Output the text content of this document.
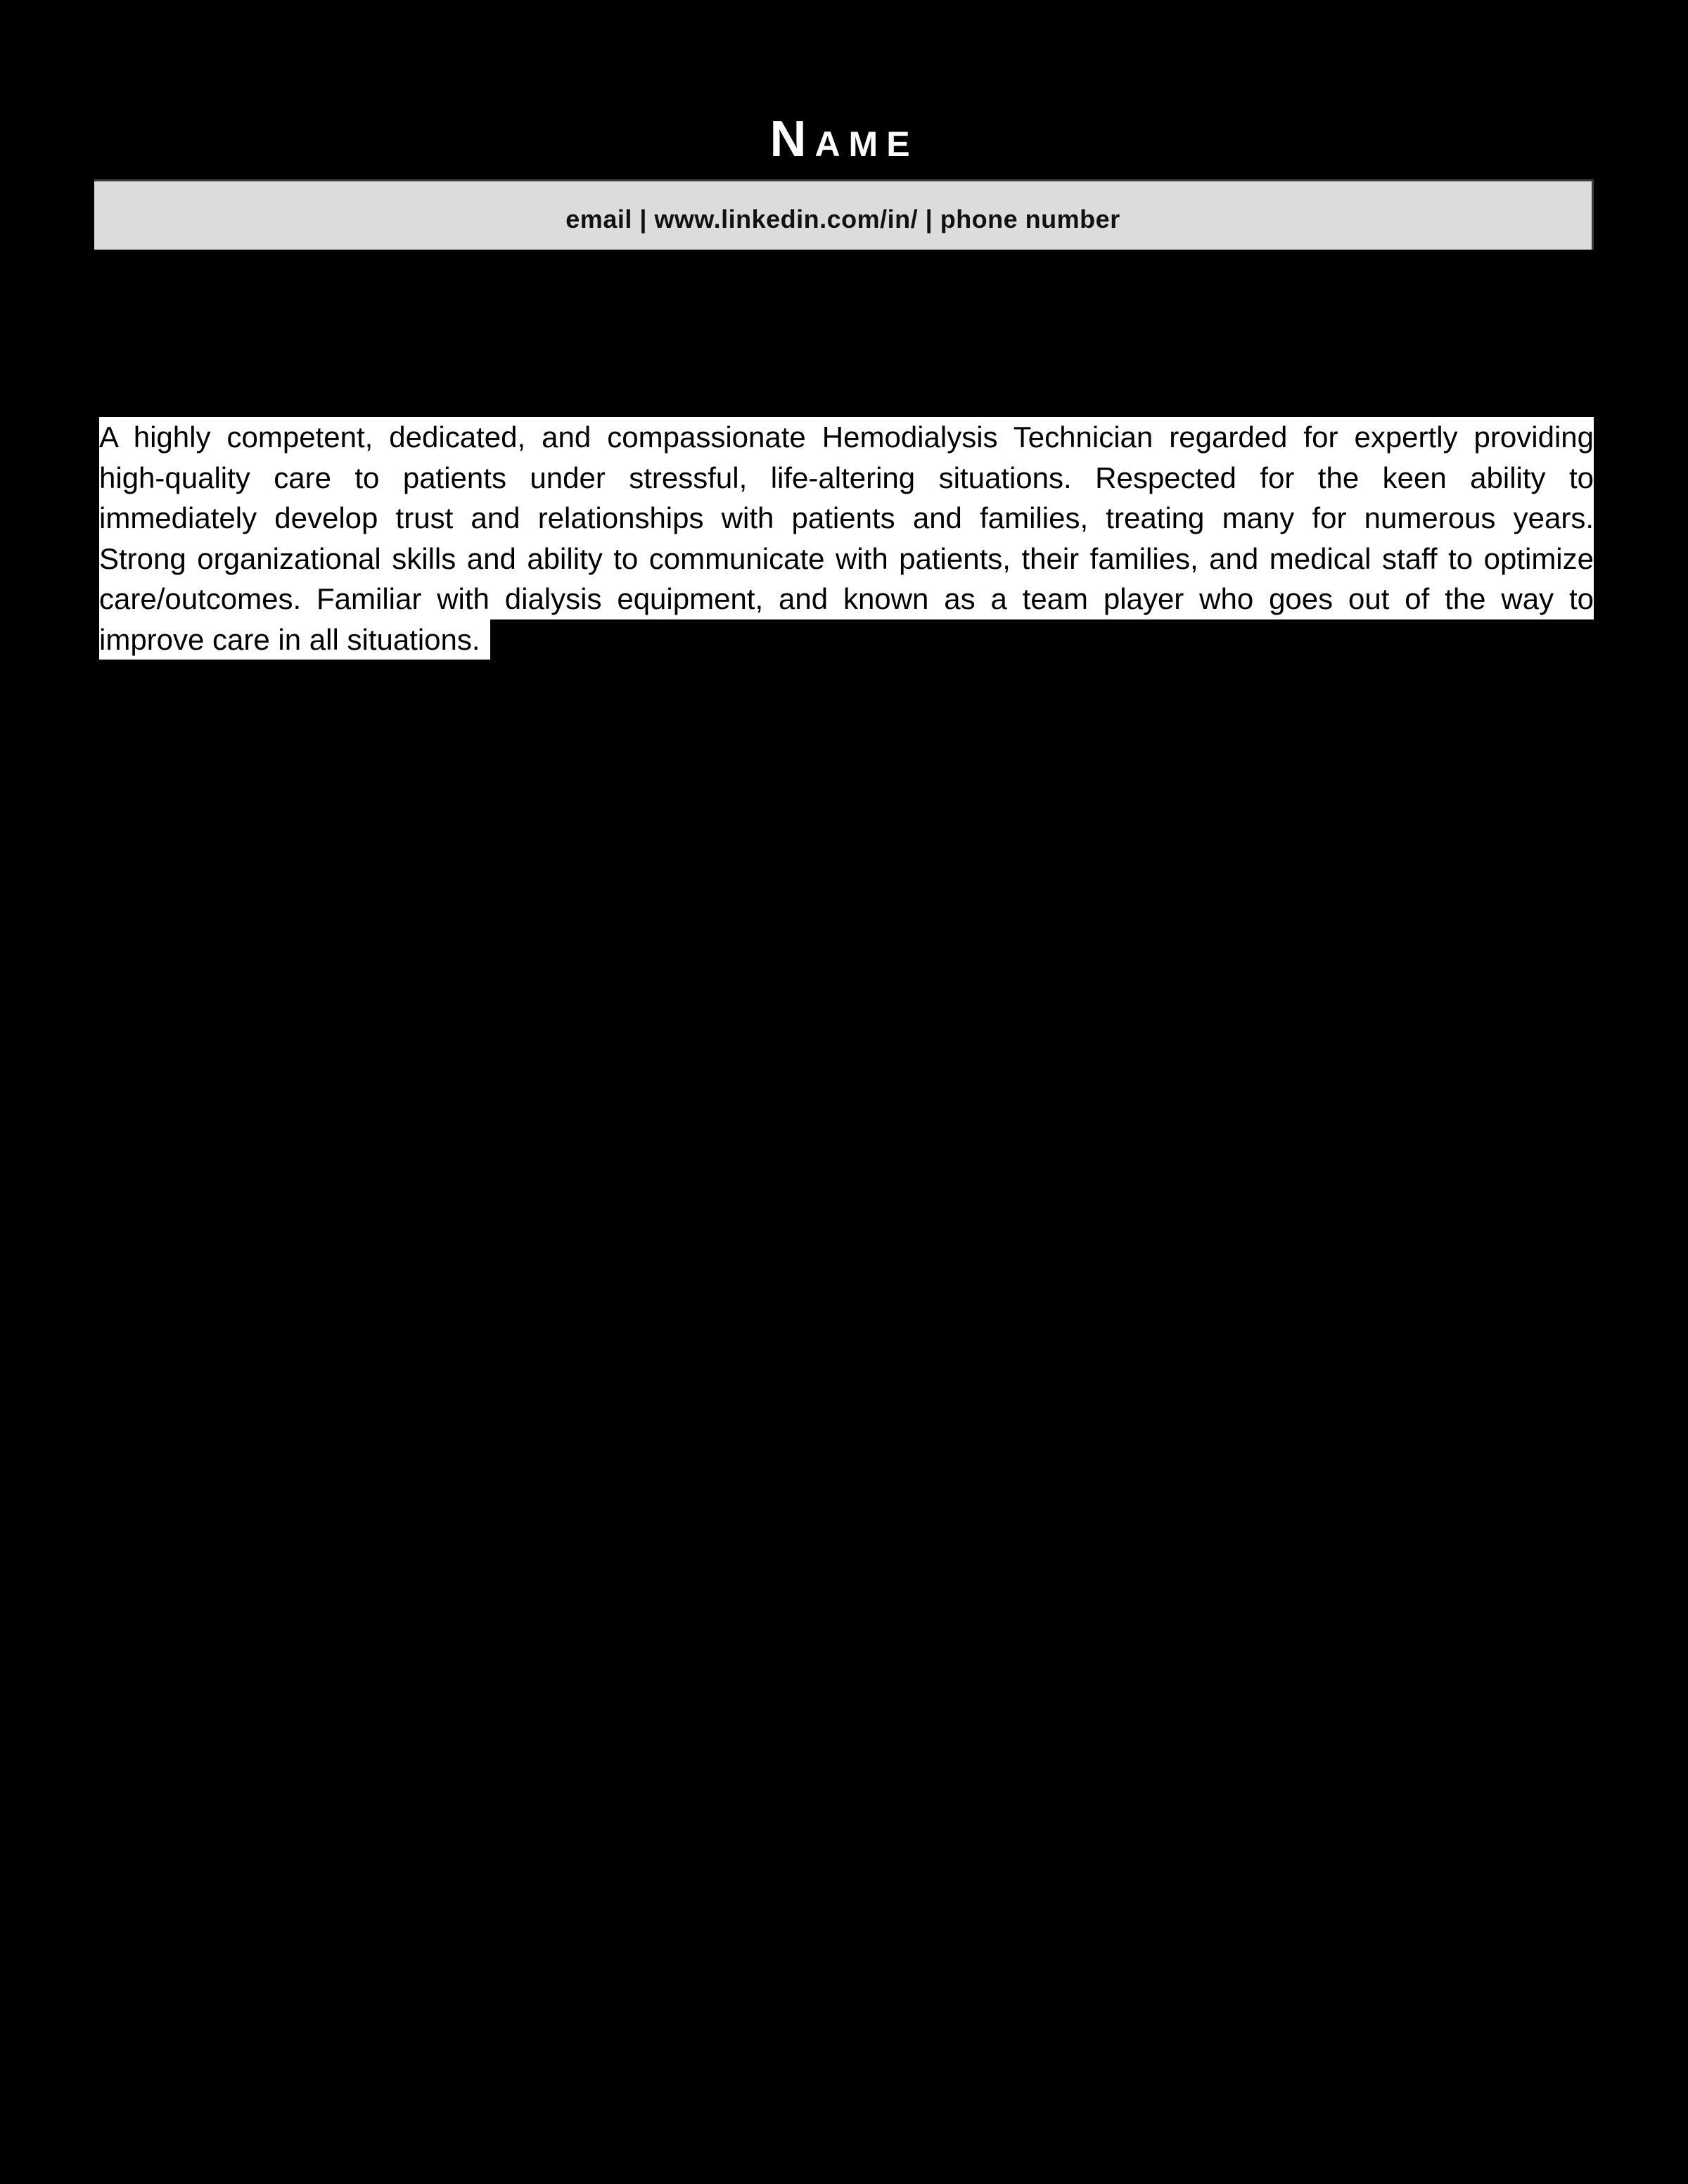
NAME
email | www.linkedin.com/in/ | phone number
A highly competent, dedicated, and compassionate Hemodialysis Technician regarded for expertly providing
high-quality care to patients under stressful, life-altering situations. Respected for the keen ability to
immediately develop trust and relationships with patients and families, treating many for numerous years.
Strong organizational skills and ability to communicate with patients, their families, and medical staff to optimize
care/outcomes. Familiar with dialysis equipment, and known as a team player who goes out of the way to
improve care in all situations.
